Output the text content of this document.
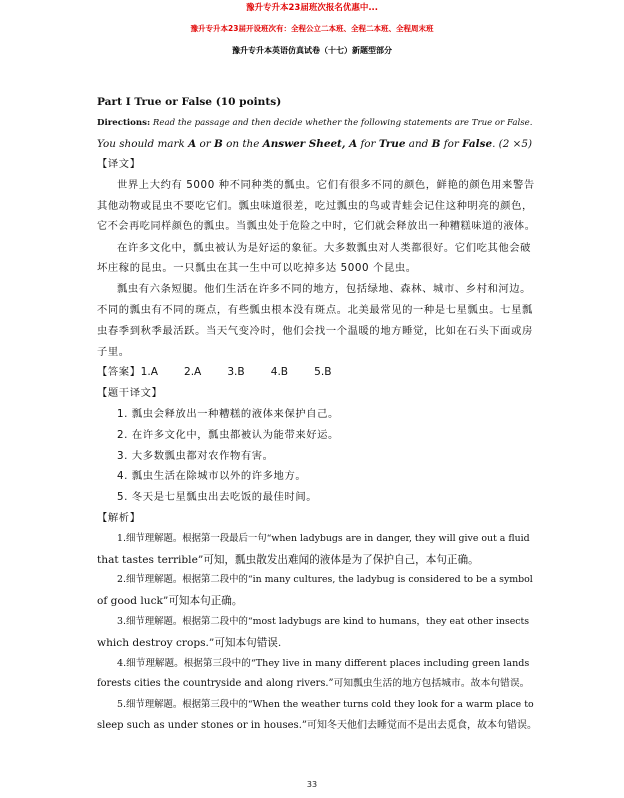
豫升专升本23届班次报名优惠中...
豫升专升本23届开设班次有：全程公立二本班、全程二本班、全程周末班
豫升专升本英语仿真试卷（十七）新题型部分
Part I True or False (10 points)
Directions: Read the passage and then decide whether the following statements are True or False.
You should mark A or B on the Answer Sheet, A for True and B for False. (2 ×5)
【译文】
世界上大约有 5000 种不同种类的瓢虫。它们有很多不同的颜色，鲜艳的颜色用来警告
其他动物或昆虫不要吃它们。瓢虫味道很差，吃过瓢虫的鸟或青蛙会记住这种明亮的颜色，
它不会再吃同样颜色的瓢虫。当瓢虫处于危险之中时，它们就会释放出一种糟糕味道的液体。
在许多文化中，瓢虫被认为是好运的象征。大多数瓢虫对人类都很好。它们吃其他会破
坏庄稼的昆虫。一只瓢虫在其一生中可以吃掉多达 5000 个昆虫。
瓢虫有六条短腿。他们生活在许多不同的地方，包括绿地、森林、城市、乡村和河边。
不同的瓢虫有不同的斑点，有些瓢虫根本没有斑点。北美最常见的一种是七星瓢虫。七星瓢
虫春季到秋季最活跃。当天气变冷时，他们会找一个温暖的地方睡觉，比如在石头下面或房
子里。
【答案】1.A 2.A 3.B 4.B 5.B
【题干译文】
1. 瓢虫会释放出一种糟糕的液体来保护自己。
2. 在许多文化中，瓢虫都被认为能带来好运。
3. 大多数瓢虫都对农作物有害。
4. 瓢虫生活在除城市以外的许多地方。
5. 冬天是七星瓢虫出去吃饭的最佳时间。
【解析】
1.细节理解题。根据第一段最后一句“when ladybugs are in danger, they will give out a fluid
that tastes terrible”可知，瓢虫散发出难闻的液体是为了保护自己，本句正确。
2.细节理解题。根据第二段中的“in many cultures, the ladybug is considered to be a symbol
of good luck”可知本句正确。
3.细节理解题。根据第二段中的“most ladybugs are kind to humans，they eat other insects
which destroy crops.”可知本句错误.
4.细节理解题。根据第三段中的“They live in many different places including green lands
forests cities the countryside and along rivers.”可知瓢虫生活的地方包括城市。故本句错误。
5.细节理解题。根据第三段中的“When the weather turns cold they look for a warm place to
sleep such as under stones or in houses.”可知冬天他们去睡觉而不是出去觅食，故本句错误。
33
